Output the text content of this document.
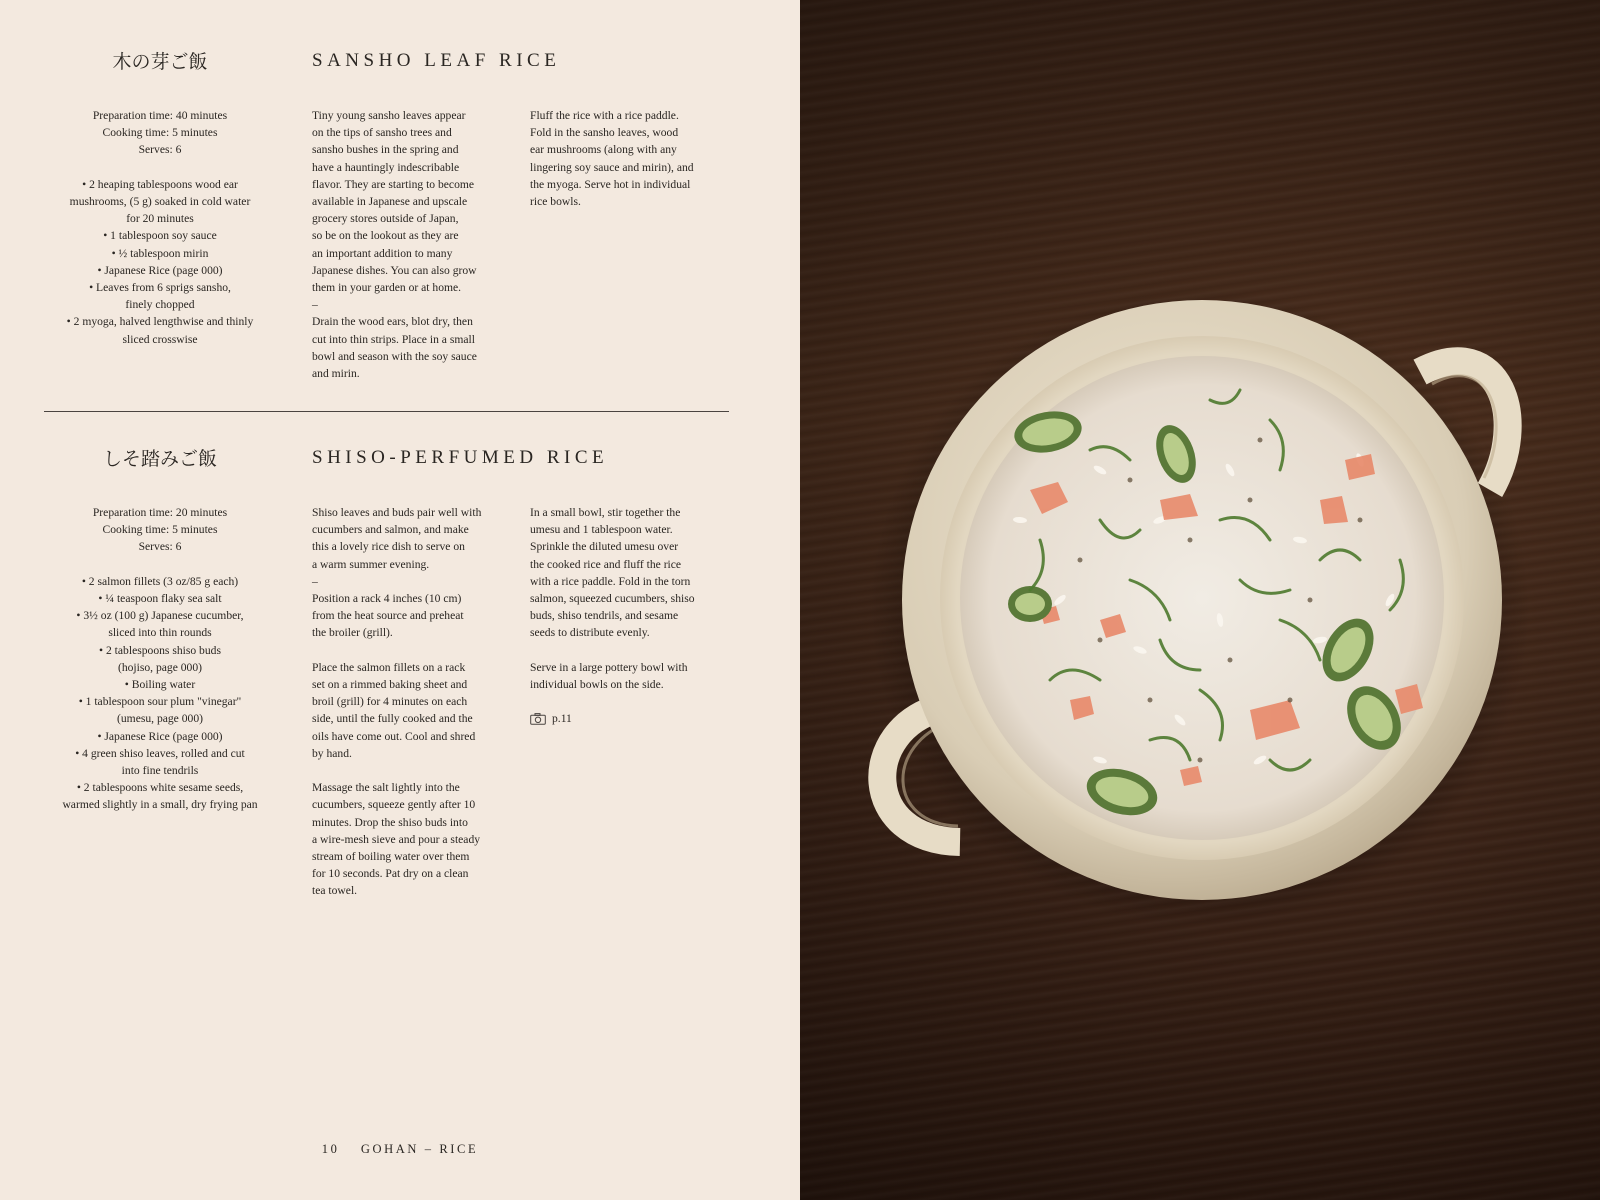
木の芽ご飯	SANSHO LEAF RICE
Preparation time: 40 minutes
Cooking time: 5 minutes
Serves: 6
• 2 heaping tablespoons wood ear
mushrooms, (5 g) soaked in cold water
for 20 minutes
• 1 tablespoon soy sauce
• ½ tablespoon mirin
• Japanese Rice (page 000)
• Leaves from 6 sprigs sansho,
finely chopped
• 2 myoga, halved lengthwise and thinly
sliced crosswise
Tiny young sansho leaves appear
on the tips of sansho trees and
sansho bushes in the spring and
have a hauntingly indescribable
flavor. They are starting to become
available in Japanese and upscale
grocery stores outside of Japan,
so be on the lookout as they are
an important addition to many
Japanese dishes. You can also grow
them in your garden or at home.
–
Drain the wood ears, blot dry, then
cut into thin strips. Place in a small
bowl and season with the soy sauce
and mirin.
Fluff the rice with a rice paddle.
Fold in the sansho leaves, wood
ear mushrooms (along with any
lingering soy sauce and mirin), and
the myoga. Serve hot in individual
rice bowls.
しそ踏みご飯	SHISO-PERFUMED RICE
Preparation time: 20 minutes
Cooking time: 5 minutes
Serves: 6
• 2 salmon fillets (3 oz/85 g each)
• ¼ teaspoon flaky sea salt
• 3½ oz (100 g) Japanese cucumber,
sliced into thin rounds
• 2 tablespoons shiso buds
(hojiso, page 000)
• Boiling water
• 1 tablespoon sour plum "vinegar"
(umesu, page 000)
• Japanese Rice (page 000)
• 4 green shiso leaves, rolled and cut
into fine tendrils
• 2 tablespoons white sesame seeds,
warmed slightly in a small, dry frying pan
Shiso leaves and buds pair well with
cucumbers and salmon, and make
this a lovely rice dish to serve on
a warm summer evening.
–
Position a rack 4 inches (10 cm)
from the heat source and preheat
the broiler (grill).
Place the salmon fillets on a rack
set on a rimmed baking sheet and
broil (grill) for 4 minutes on each
side, until the fully cooked and the
oils have come out. Cool and shred
by hand.
Massage the salt lightly into the
cucumbers, squeeze gently after 10
minutes. Drop the shiso buds into
a wire-mesh sieve and pour a steady
stream of boiling water over them
for 10 seconds. Pat dry on a clean
tea towel.
In a small bowl, stir together the
umesu and 1 tablespoon water.
Sprinkle the diluted umesu over
the cooked rice and fluff the rice
with a rice paddle. Fold in the torn
salmon, squeezed cucumbers, shiso
buds, shiso tendrils, and sesame
seeds to distribute evenly.
Serve in a large pottery bowl with
individual bowls on the side.
p.11
10 GOHAN – RICE
